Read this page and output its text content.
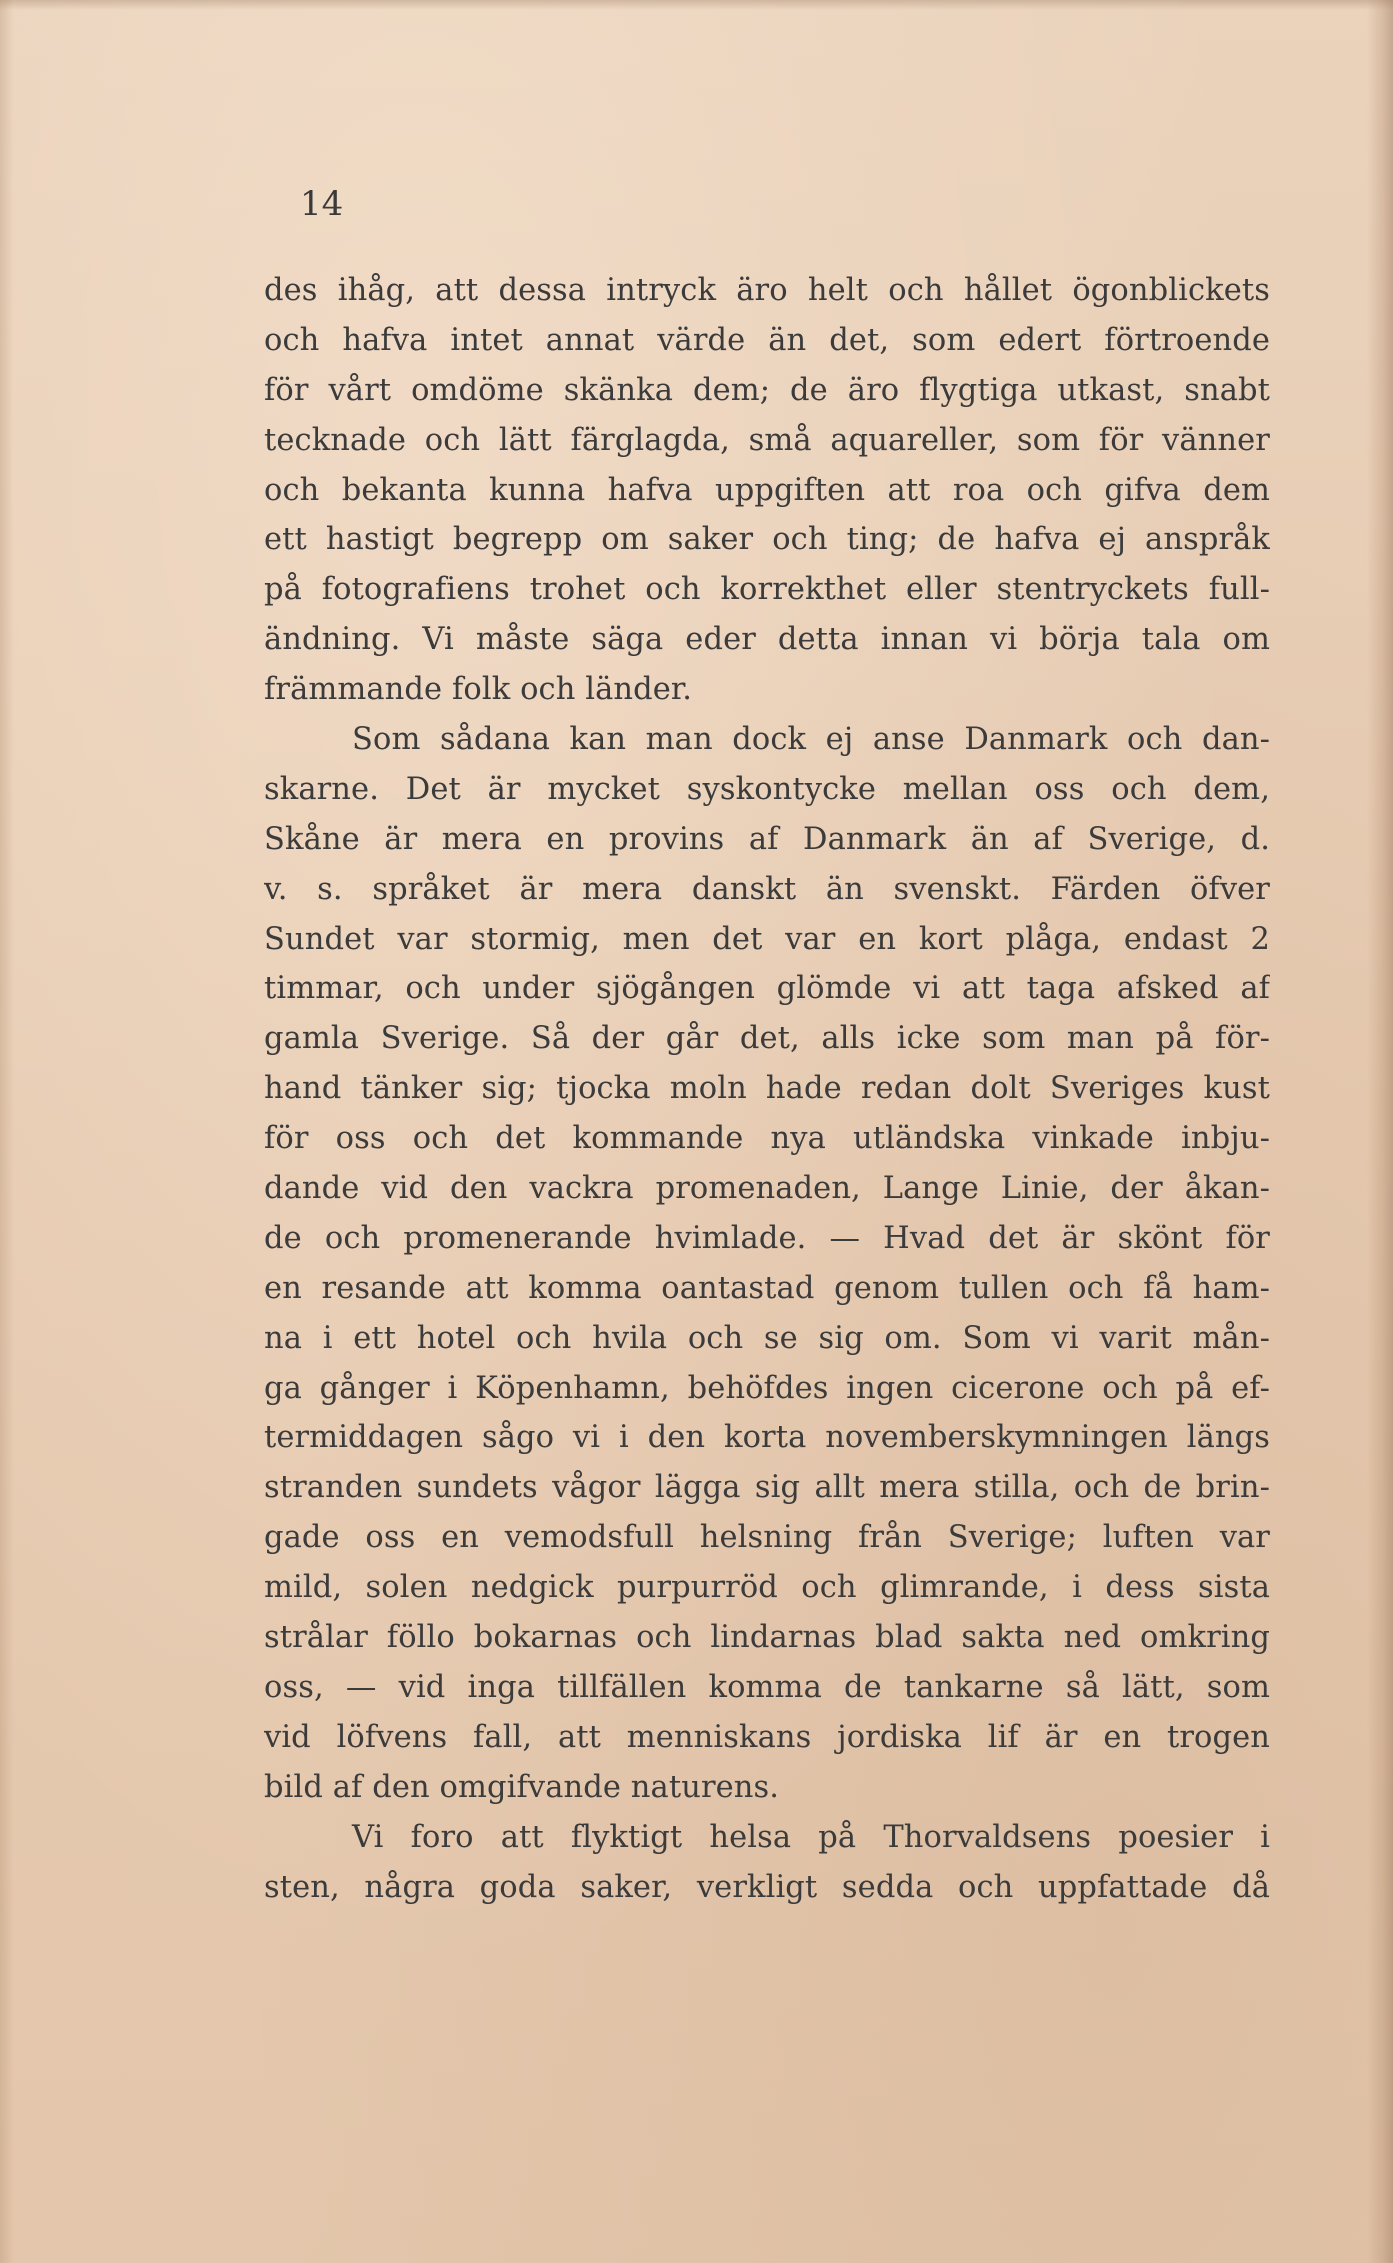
14

des ihåg, att dessa intryck äro helt och hållet ögonblickets
och hafva intet annat värde än det, som edert förtroende
för vårt omdöme skänka dem; de äro flygtiga utkast, snabt
tecknade och lätt färglagda, små aquareller, som för vänner
och bekanta kunna hafva uppgiften att roa och gifva dem
ett hastigt begrepp om saker och ting; de hafva ej anspråk
på fotografiens trohet och korrekthet eller stentryckets full-
ändning. Vi måste säga eder detta innan vi börja tala om
främmande folk och länder.
Som sådana kan man dock ej anse Danmark och dan-
skarne. Det är mycket syskontycke mellan oss och dem,
Skåne är mera en provins af Danmark än af Sverige, d.
v. s. språket är mera danskt än svenskt. Färden öfver
Sundet var stormig, men det var en kort plåga, endast 2
timmar, och under sjögången glömde vi att taga afsked af
gamla Sverige. Så der går det, alls icke som man på för-
hand tänker sig; tjocka moln hade redan dolt Sveriges kust
för oss och det kommande nya utländska vinkade inbju-
dande vid den vackra promenaden, Lange Linie, der åkan-
de och promenerande hvimlade. — Hvad det är skönt för
en resande att komma oantastad genom tullen och få ham-
na i ett hotel och hvila och se sig om. Som vi varit mån-
ga gånger i Köpenhamn, behöfdes ingen cicerone och på ef-
termiddagen sågo vi i den korta novemberskymningen längs
stranden sundets vågor lägga sig allt mera stilla, och de brin-
gade oss en vemodsfull helsning från Sverige; luften var
mild, solen nedgick purpurröd och glimrande, i dess sista
strålar föllo bokarnas och lindarnas blad sakta ned omkring
oss, — vid inga tillfällen komma de tankarne så lätt, som
vid löfvens fall, att menniskans jordiska lif är en trogen
bild af den omgifvande naturens.
Vi foro att flyktigt helsa på Thorvaldsens poesier i
sten, några goda saker, verkligt sedda och uppfattade då
